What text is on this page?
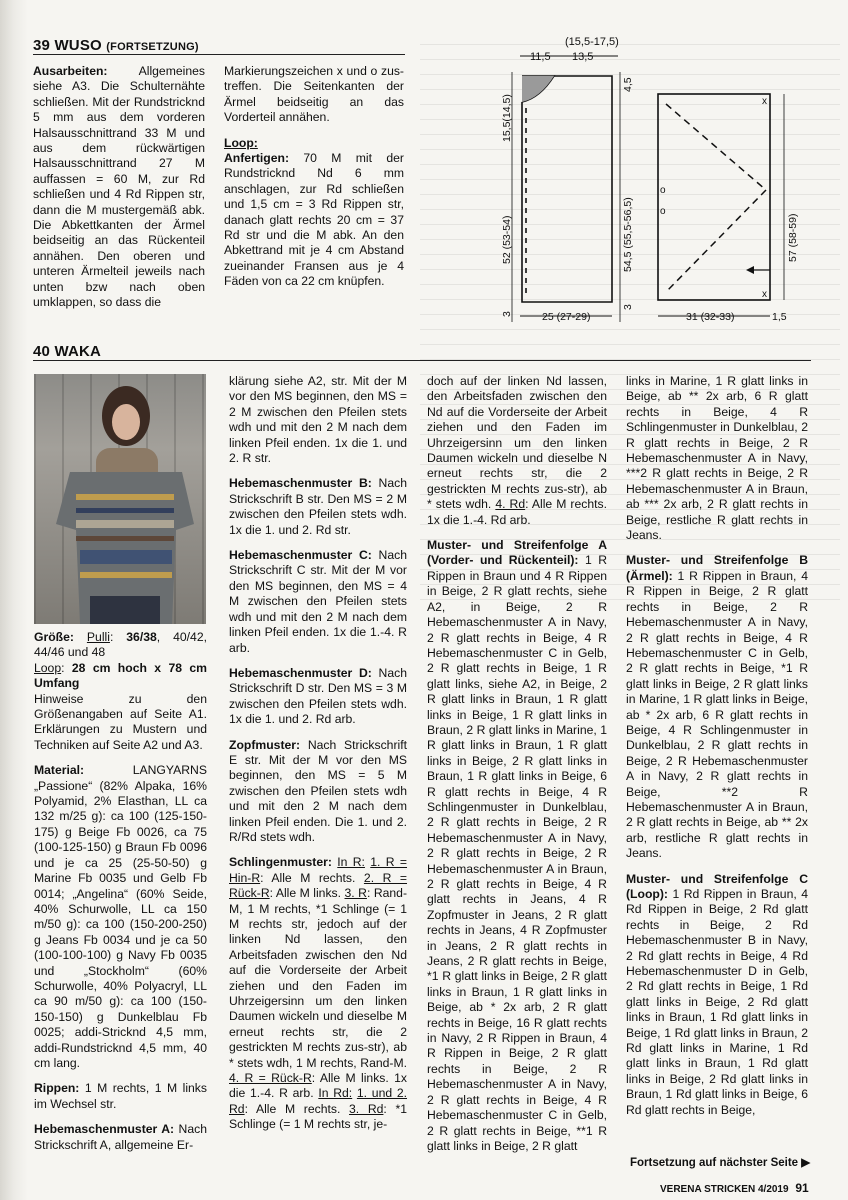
39 WUSO (FORTSETZUNG)
Ausarbeiten: Allgemeines siehe A3. Die Schulternähte schließen. Mit der Rundstricknd 5 mm aus dem vorderen Halsausschnittrand 33 M und aus dem rückwärtigen Halsausschnittrand 27 M auffassen = 60 M, zur Rd schließen und 4 Rd Rippen str, dann die M mustergemäß abk. Die Abkettkanten der Ärmel beidseitig an das Rückenteil annähen. Den oberen und unteren Ärmelteil jeweils nach unten bzw nach oben umklappen, so dass die

Markierungszeichen x und o zus-treffen. Die Seitenkanten der Ärmel beidseitig an das Vorderteil annähen.

Loop:
Anfertigen: 70 M mit der Rundstricknd Nd 6 mm anschlagen, zur Rd schließen und 1,5 cm = 3 Rd Rippen str, danach glatt rechts 20 cm = 37 Rd str und die M abk. An den Abkettrand mit je 4 cm Abstand zueinander Fransen aus je 4 Fäden von ca 22 cm knüpfen.

(15,5-17,5)
11,5 13,5
15,5(14,5)
52 (53-54)
3
4,5
54,5 (55,5-56,5)
3
25 (27-29)
x
x
o
o
57 (58-59)
31 (32-33)	1,5
40 WAKA

Größe: Pulli: 36/38, 40/42, 44/46 und 48
Loop: 28 cm hoch x 78 cm Umfang
Hinweise zu den Größenangaben auf Seite A1. Erklärungen zu Mustern und Techniken auf Seite A2 und A3.

Material: LANGYARNS „Passione“ (82% Alpaka, 16% Polyamid, 2% Elasthan, LL ca 132 m/25 g): ca 100 (125-150-175) g Beige Fb 0026, ca 75 (100-125-150) g Braun Fb 0096 und je ca 25 (25-50-50) g Marine Fb 0035 und Gelb Fb 0014; „Angelina“ (60% Seide, 40% Schurwolle, LL ca 150 m/50 g): ca 100 (150-200-250) g Jeans Fb 0034 und je ca 50 (100-100-100) g Navy Fb 0035 und „Stockholm“ (60% Schurwolle, 40% Polyacryl, LL ca 90 m/50 g): ca 100 (150-150-150) g Dunkelblau Fb 0025; addi-Stricknd 4,5 mm, addi-Rundstricknd 4,5 mm, 40 cm lang.

Rippen: 1 M rechts, 1 M links im Wechsel str.

Hebemaschenmuster A: Nach Strickschrift A, allgemeine Er-

klärung siehe A2, str. Mit der M vor den MS beginnen, den MS = 2 M zwischen den Pfeilen stets wdh und mit den 2 M nach dem linken Pfeil enden. 1x die 1. und 2. R str.

Hebemaschenmuster B: Nach Strickschrift B str. Den MS = 2 M zwischen den Pfeilen stets wdh. 1x die 1. und 2. Rd str.

Hebemaschenmuster C: Nach Strickschrift C str. Mit der M vor den MS beginnen, den MS = 4 M zwischen den Pfeilen stets wdh und mit den 2 M nach dem linken Pfeil enden. 1x die 1.-4. R arb.

Hebemaschenmuster D: Nach Strickschrift D str. Den MS = 3 M zwischen den Pfeilen stets wdh. 1x die 1. und 2. Rd arb.

Zopfmuster: Nach Strickschrift E str. Mit der M vor den MS beginnen, den MS = 5 M zwischen den Pfeilen stets wdh und mit den 2 M nach dem linken Pfeil enden. Die 1. und 2. R/Rd stets wdh.

Schlingenmuster: In R: 1. R = Hin-R: Alle M rechts. 2. R = Rück-R: Alle M links. 3. R: Rand-M, 1 M rechts, *1 Schlinge (= 1 M rechts str, jedoch auf der linken Nd lassen, den Arbeitsfaden zwischen den Nd auf die Vorderseite der Arbeit ziehen und den Faden im Uhrzeigersinn um den linken Daumen wickeln und dieselbe M erneut rechts str, die 2 gestrickten M rechts zus-str), ab * stets wdh, 1 M rechts, Rand-M. 4. R = Rück-R: Alle M links. 1x die 1.-4. R arb. In Rd: 1. und 2. Rd: Alle M rechts. 3. Rd: *1 Schlinge (= 1 M rechts str, je-

doch auf der linken Nd lassen, den Arbeitsfaden zwischen den Nd auf die Vorderseite der Arbeit ziehen und den Faden im Uhrzeigersinn um den linken Daumen wickeln und dieselbe N erneut rechts str, die 2 gestrickten M rechts zus-str), ab * stets wdh. 4. Rd: Alle M rechts. 1x die 1.-4. Rd arb.

Muster- und Streifenfolge A (Vorder- und Rückenteil): 1 R Rippen in Braun und 4 R Rippen in Beige, 2 R glatt rechts, siehe A2, in Beige, 2 R Hebemaschenmuster A in Navy, 2 R glatt rechts in Beige, 4 R Hebemaschenmuster C in Gelb, 2 R glatt rechts in Beige, 1 R glatt links, siehe A2, in Beige, 2 R glatt links in Braun, 1 R glatt links in Beige, 1 R glatt links in Braun, 2 R glatt links in Marine, 1 R glatt links in Braun, 1 R glatt links in Beige, 2 R glatt links in Braun, 1 R glatt links in Beige, 6 R glatt rechts in Beige, 4 R Schlingenmuster in Dunkelblau, 2 R glatt rechts in Beige, 2 R Hebemaschenmuster A in Navy, 2 R glatt rechts in Beige, 2 R Hebemaschenmuster A in Braun, 2 R glatt rechts in Beige, 4 R glatt rechts in Jeans, 4 R Zopfmuster in Jeans, 2 R glatt rechts in Jeans, 4 R Zopfmuster in Jeans, 2 R glatt rechts in Jeans, 2 R glatt rechts in Beige, *1 R glatt links in Beige, 2 R glatt links in Braun, 1 R glatt links in Beige, ab * 2x arb, 2 R glatt rechts in Beige, 16 R glatt rechts in Navy, 2 R Rippen in Braun, 4 R Rippen in Beige, 2 R glatt rechts in Beige, 2 R Hebemaschenmuster A in Navy, 2 R glatt rechts in Beige, 4 R Hebemaschenmuster C in Gelb, 2 R glatt rechts in Beige, **1 R glatt links in Beige, 2 R glatt

links in Marine, 1 R glatt links in Beige, ab ** 2x arb, 6 R glatt rechts in Beige, 4 R Schlingenmuster in Dunkelblau, 2 R glatt rechts in Beige, 2 R Hebemaschenmuster A in Navy, ***2 R glatt rechts in Beige, 2 R Hebemaschenmuster A in Braun, ab *** 2x arb, 2 R glatt rechts in Beige, restliche R glatt rechts in Jeans.

Muster- und Streifenfolge B (Ärmel): 1 R Rippen in Braun, 4 R Rippen in Beige, 2 R glatt rechts in Beige, 2 R Hebemaschenmuster A in Navy, 2 R glatt rechts in Beige, 4 R Hebemaschenmuster C in Gelb, 2 R glatt rechts in Beige, *1 R glatt links in Beige, 2 R glatt links in Marine, 1 R glatt links in Beige, ab * 2x arb, 6 R glatt rechts in Beige, 4 R Schlingenmuster in Dunkelblau, 2 R glatt rechts in Beige, 2 R Hebemaschenmuster A in Navy, 2 R glatt rechts in Beige, **2 R Hebemaschenmuster A in Braun, 2 R glatt rechts in Beige, ab ** 2x arb, restliche R glatt rechts in Jeans.

Muster- und Streifenfolge C (Loop): 1 Rd Rippen in Braun, 4 Rd Rippen in Beige, 2 Rd glatt rechts in Beige, 2 Rd Hebemaschenmuster B in Navy, 2 Rd glatt rechts in Beige, 4 Rd Hebemaschenmuster D in Gelb, 2 Rd glatt rechts in Beige, 1 Rd glatt links in Beige, 2 Rd glatt links in Braun, 1 Rd glatt links in Beige, 1 Rd glatt links in Braun, 2 Rd glatt links in Marine, 1 Rd glatt links in Braun, 1 Rd glatt links in Beige, 2 Rd glatt links in Braun, 1 Rd glatt links in Beige, 6 Rd glatt rechts in Beige,

Fortsetzung auf nächster Seite ▶
VERENA STRICKEN 4/2019 91
